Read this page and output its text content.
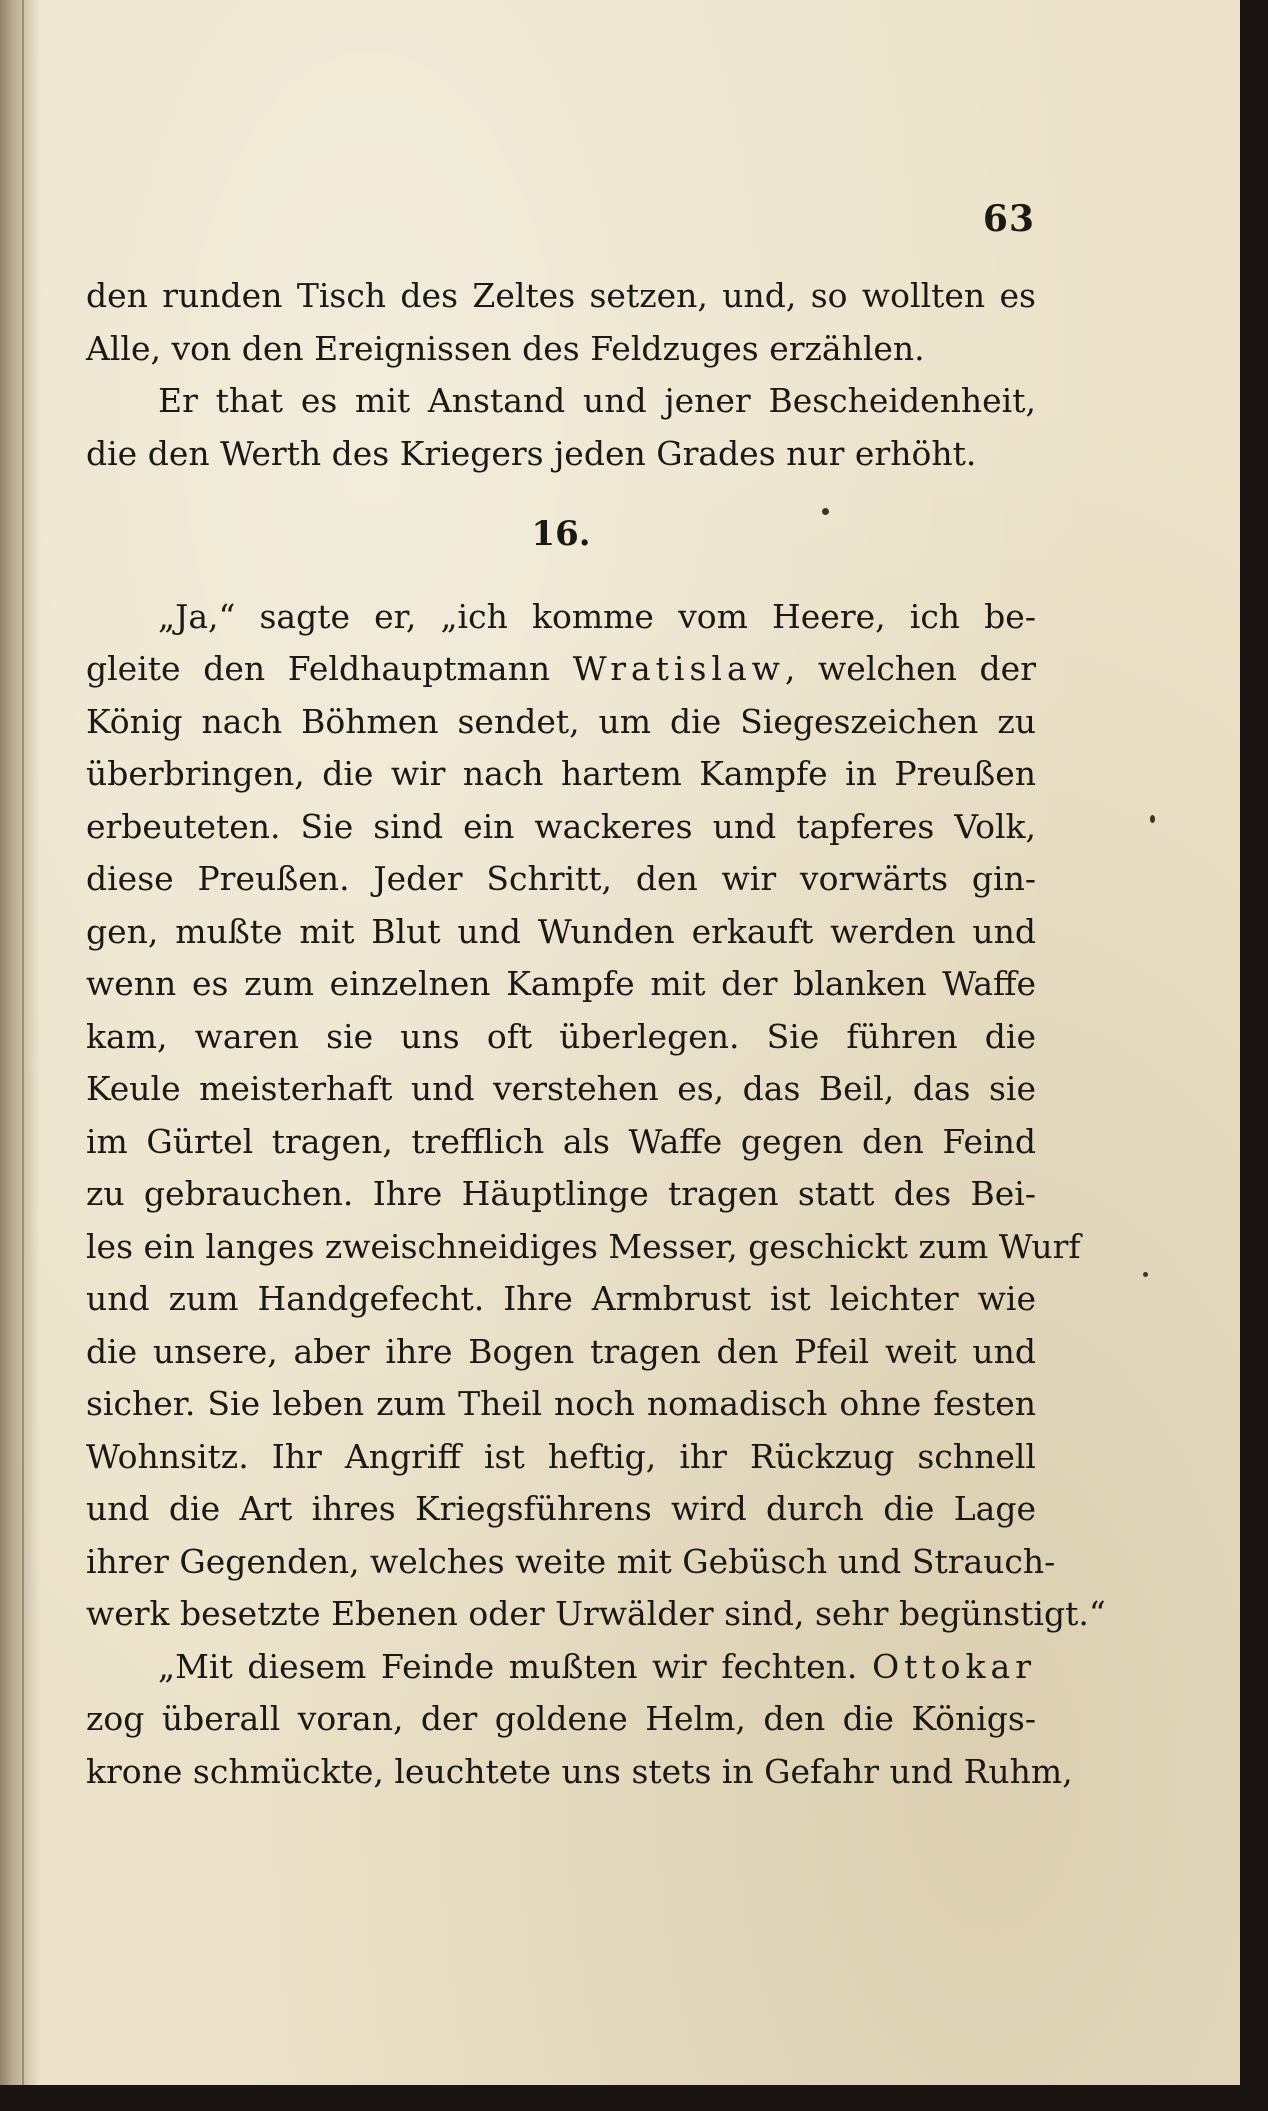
63
den runden Tisch des Zeltes setzen, und, so wollten es
Alle, von den Ereignissen des Feldzuges erzählen.
Er that es mit Anstand und jener Bescheidenheit,
die den Werth des Kriegers jeden Grades nur erhöht.
16.
„Ja,“ sagte er, „ich komme vom Heere, ich be-
gleite den Feldhauptmann Wratislaw, welchen der
König nach Böhmen sendet, um die Siegeszeichen zu
überbringen, die wir nach hartem Kampfe in Preußen
erbeuteten. Sie sind ein wackeres und tapferes Volk,
diese Preußen. Jeder Schritt, den wir vorwärts gin-
gen, mußte mit Blut und Wunden erkauft werden und
wenn es zum einzelnen Kampfe mit der blanken Waffe
kam, waren sie uns oft überlegen. Sie führen die
Keule meisterhaft und verstehen es, das Beil, das sie
im Gürtel tragen, trefflich als Waffe gegen den Feind
zu gebrauchen. Ihre Häuptlinge tragen statt des Bei-
les ein langes zweischneidiges Messer, geschickt zum Wurf
und zum Handgefecht. Ihre Armbrust ist leichter wie
die unsere, aber ihre Bogen tragen den Pfeil weit und
sicher. Sie leben zum Theil noch nomadisch ohne festen
Wohnsitz. Ihr Angriff ist heftig, ihr Rückzug schnell
und die Art ihres Kriegsführens wird durch die Lage
ihrer Gegenden, welches weite mit Gebüsch und Strauch-
werk besetzte Ebenen oder Urwälder sind, sehr begünstigt.“
„Mit diesem Feinde mußten wir fechten. Ottokar
zog überall voran, der goldene Helm, den die Königs-
krone schmückte, leuchtete uns stets in Gefahr und Ruhm,
